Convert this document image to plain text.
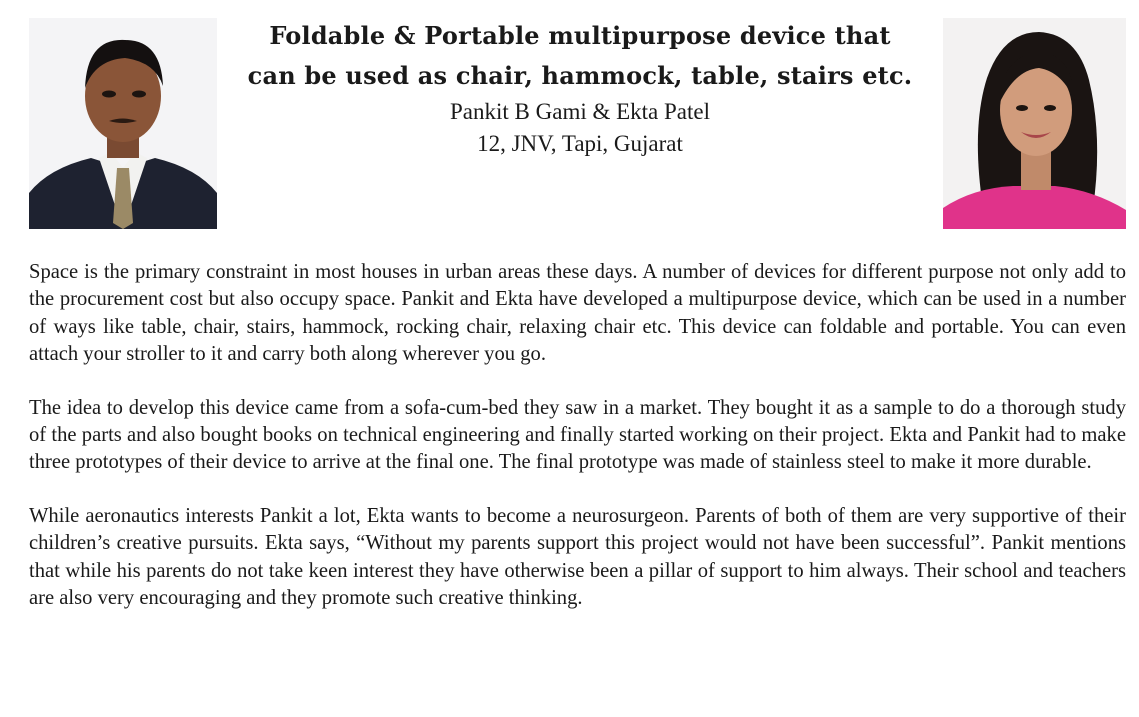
Foldable & Portable multipurpose device that

can be used as chair, hammock, table, stairs etc.

Pankit B Gami & Ekta Patel

12, JNV, Tapi, Gujarat

Space is the primary constraint in most houses in urban areas these days. A number of devices for different purpose not only add to the procurement cost but also occupy space. Pankit and Ekta have developed a multipurpose device, which can be used in a number of ways like table, chair, stairs, hammock, rocking chair, relaxing chair etc. This device can foldable and portable. You can even attach your stroller to it and carry both along wherever you go.

The idea to develop this device came from a sofa-cum-bed they saw in a market. They bought it as a sample to do a thorough study of the parts and also bought books on technical engineering and finally started working on their project. Ekta and Pankit had to make three prototypes of their device to arrive at the final one. The final prototype was made of stainless steel to make it more durable.

While aeronautics interests Pankit a lot, Ekta wants to become a neurosurgeon. Parents of both of them are very supportive of their children’s creative pursuits. Ekta says, “Without my parents support this project would not have been successful”. Pankit mentions that while his parents do not take keen interest they have otherwise been a pillar of support to him always. Their school and teachers are also very encouraging and they promote such creative thinking.
